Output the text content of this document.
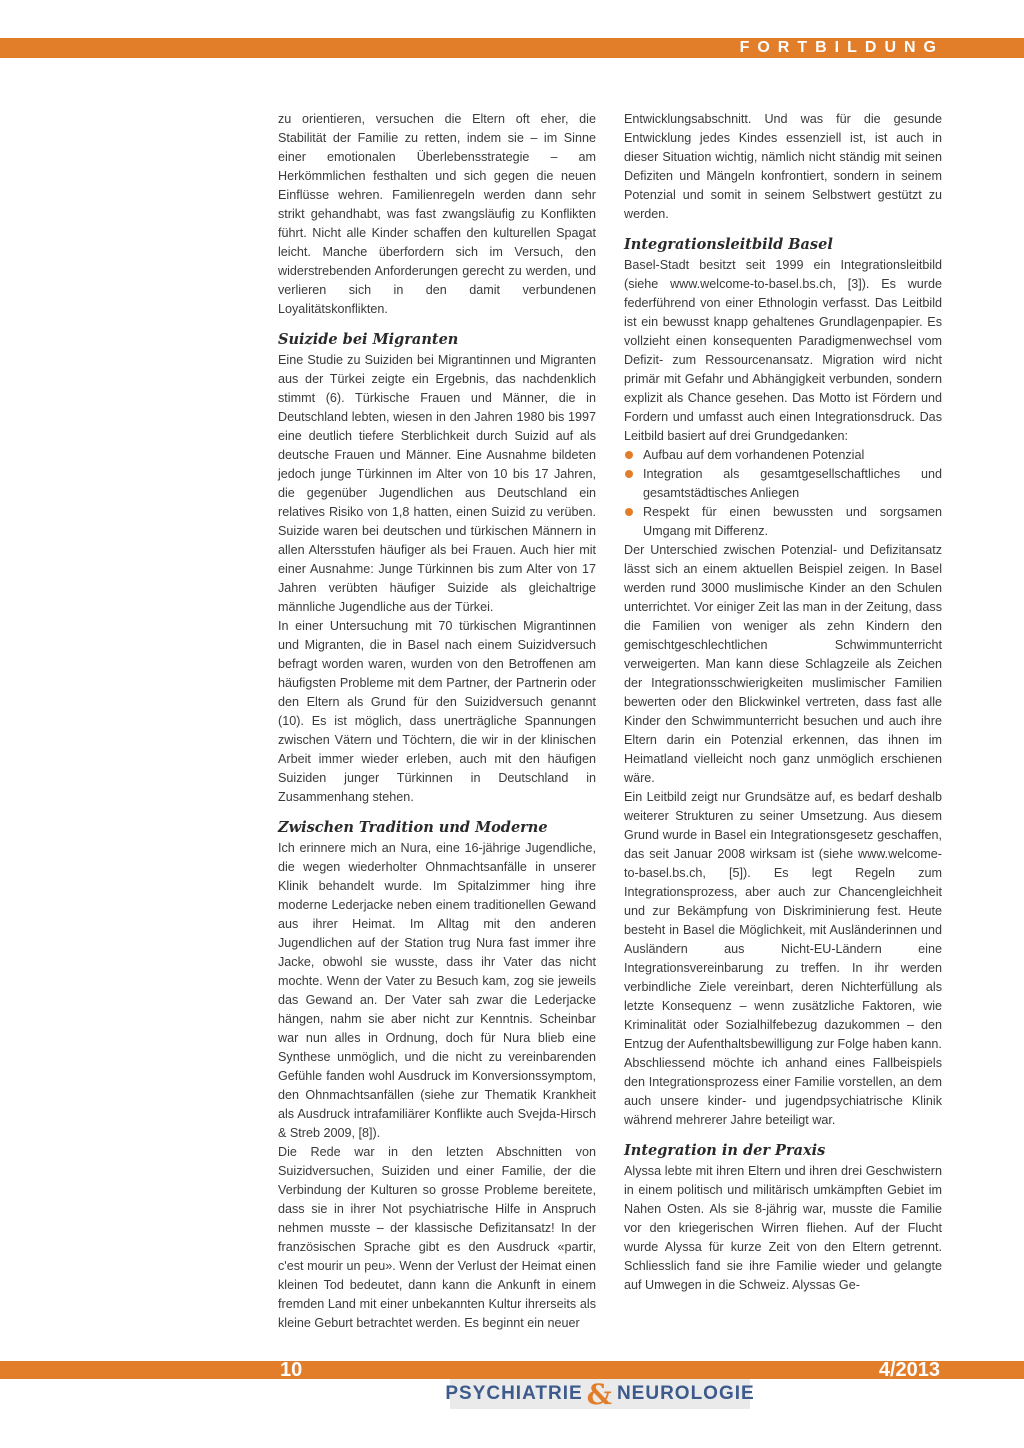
FORTBILDUNG

zu orientieren, versuchen die Eltern oft eher, die Stabilität der Familie zu retten, indem sie – im Sinne einer emotionalen Überlebensstrategie – am Herkömmlichen festhalten und sich gegen die neuen Einflüsse wehren. Familienregeln werden dann sehr strikt gehandhabt, was fast zwangsläufig zu Konflikten führt. Nicht alle Kinder schaffen den kulturellen Spagat leicht. Manche überfordern sich im Versuch, den widerstrebenden Anforderungen gerecht zu werden, und verlieren sich in den damit verbundenen Loyalitätskonflikten.

Suizide bei Migranten

Eine Studie zu Suiziden bei Migrantinnen und Migranten aus der Türkei zeigte ein Ergebnis, das nachdenklich stimmt (6). Türkische Frauen und Männer, die in Deutschland lebten, wiesen in den Jahren 1980 bis 1997 eine deutlich tiefere Sterblichkeit durch Suizid auf als deutsche Frauen und Männer. Eine Ausnahme bildeten jedoch junge Türkinnen im Alter von 10 bis 17 Jahren, die gegenüber Jugendlichen aus Deutschland ein relatives Risiko von 1,8 hatten, einen Suizid zu verüben. Suizide waren bei deutschen und türkischen Männern in allen Altersstufen häufiger als bei Frauen. Auch hier mit einer Ausnahme: Junge Türkinnen bis zum Alter von 17 Jahren verübten häufiger Suizide als gleichaltrige männliche Jugendliche aus der Türkei.

In einer Untersuchung mit 70 türkischen Migrantinnen und Migranten, die in Basel nach einem Suizidversuch befragt worden waren, wurden von den Betroffenen am häufigsten Probleme mit dem Partner, der Partnerin oder den Eltern als Grund für den Suizidversuch genannt (10). Es ist möglich, dass unerträgliche Spannungen zwischen Vätern und Töchtern, die wir in der klinischen Arbeit immer wieder erleben, auch mit den häufigen Suiziden junger Türkinnen in Deutschland in Zusammenhang stehen.

Zwischen Tradition und Moderne

Ich erinnere mich an Nura, eine 16-jährige Jugendliche, die wegen wiederholter Ohnmachtsanfälle in unserer Klinik behandelt wurde. Im Spitalzimmer hing ihre moderne Lederjacke neben einem traditionellen Gewand aus ihrer Heimat. Im Alltag mit den anderen Jugendlichen auf der Station trug Nura fast immer ihre Jacke, obwohl sie wusste, dass ihr Vater das nicht mochte. Wenn der Vater zu Besuch kam, zog sie jeweils das Gewand an. Der Vater sah zwar die Lederjacke hängen, nahm sie aber nicht zur Kenntnis. Scheinbar war nun alles in Ordnung, doch für Nura blieb eine Synthese unmöglich, und die nicht zu vereinbarenden Gefühle fanden wohl Ausdruck im Konversionssymptom, den Ohnmachtsanfällen (siehe zur Thematik Krankheit als Ausdruck intrafamiliärer Konflikte auch Svejda-Hirsch & Streb 2009, [8]).

Die Rede war in den letzten Abschnitten von Suizidversuchen, Suiziden und einer Familie, der die Verbindung der Kulturen so grosse Probleme bereitete, dass sie in ihrer Not psychiatrische Hilfe in Anspruch nehmen musste – der klassische Defizitansatz! In der französischen Sprache gibt es den Ausdruck «partir, c'est mourir un peu». Wenn der Verlust der Heimat einen kleinen Tod bedeutet, dann kann die Ankunft in einem fremden Land mit einer unbekannten Kultur ihrerseits als kleine Geburt betrachtet werden. Es beginnt ein neuer

Entwicklungsabschnitt. Und was für die gesunde Entwicklung jedes Kindes essenziell ist, ist auch in dieser Situation wichtig, nämlich nicht ständig mit seinen Defiziten und Mängeln konfrontiert, sondern in seinem Potenzial und somit in seinem Selbstwert gestützt zu werden.

Integrationsleitbild Basel

Basel-Stadt besitzt seit 1999 ein Integrationsleitbild (siehe www.welcome-to-basel.bs.ch, [3]). Es wurde federführend von einer Ethnologin verfasst. Das Leitbild ist ein bewusst knapp gehaltenes Grundlagenpapier. Es vollzieht einen konsequenten Paradigmenwechsel vom Defizit- zum Ressourcenansatz. Migration wird nicht primär mit Gefahr und Abhängigkeit verbunden, sondern explizit als Chance gesehen. Das Motto ist Fördern und Fordern und umfasst auch einen Integrationsdruck. Das Leitbild basiert auf drei Grundgedanken:

Aufbau auf dem vorhandenen Potenzial
Integration als gesamtgesellschaftliches und gesamtstädtisches Anliegen
Respekt für einen bewussten und sorgsamen Umgang mit Differenz.

Der Unterschied zwischen Potenzial- und Defizitansatz lässt sich an einem aktuellen Beispiel zeigen. In Basel werden rund 3000 muslimische Kinder an den Schulen unterrichtet. Vor einiger Zeit las man in der Zeitung, dass die Familien von weniger als zehn Kindern den gemischtgeschlechtlichen Schwimmunterricht verweigerten. Man kann diese Schlagzeile als Zeichen der Integrationsschwierigkeiten muslimischer Familien bewerten oder den Blickwinkel vertreten, dass fast alle Kinder den Schwimmunterricht besuchen und auch ihre Eltern darin ein Potenzial erkennen, das ihnen im Heimatland vielleicht noch ganz unmöglich erschienen wäre.

Ein Leitbild zeigt nur Grundsätze auf, es bedarf deshalb weiterer Strukturen zu seiner Umsetzung. Aus diesem Grund wurde in Basel ein Integrationsgesetz geschaffen, das seit Januar 2008 wirksam ist (siehe www.welcome-to-basel.bs.ch, [5]). Es legt Regeln zum Integrationsprozess, aber auch zur Chancengleichheit und zur Bekämpfung von Diskriminierung fest. Heute besteht in Basel die Möglichkeit, mit Ausländerinnen und Ausländern aus Nicht-EU-Ländern eine Integrationsvereinbarung zu treffen. In ihr werden verbindliche Ziele vereinbart, deren Nichterfüllung als letzte Konsequenz – wenn zusätzliche Faktoren, wie Kriminalität oder Sozialhilfebezug dazukommen – den Entzug der Aufenthaltsbewilligung zur Folge haben kann.

Abschliessend möchte ich anhand eines Fallbeispiels den Integrationsprozess einer Familie vorstellen, an dem auch unsere kinder- und jugendpsychiatrische Klinik während mehrerer Jahre beteiligt war.

Integration in der Praxis

Alyssa lebte mit ihren Eltern und ihren drei Geschwistern in einem politisch und militärisch umkämpften Gebiet im Nahen Osten. Als sie 8-jährig war, musste die Familie vor den kriegerischen Wirren fliehen. Auf der Flucht wurde Alyssa für kurze Zeit von den Eltern getrennt. Schliesslich fand sie ihre Familie wieder und gelangte auf Umwegen in die Schweiz. Alyssas Ge-

10	4/2013
PSYCHIATRIE & NEUROLOGIE
